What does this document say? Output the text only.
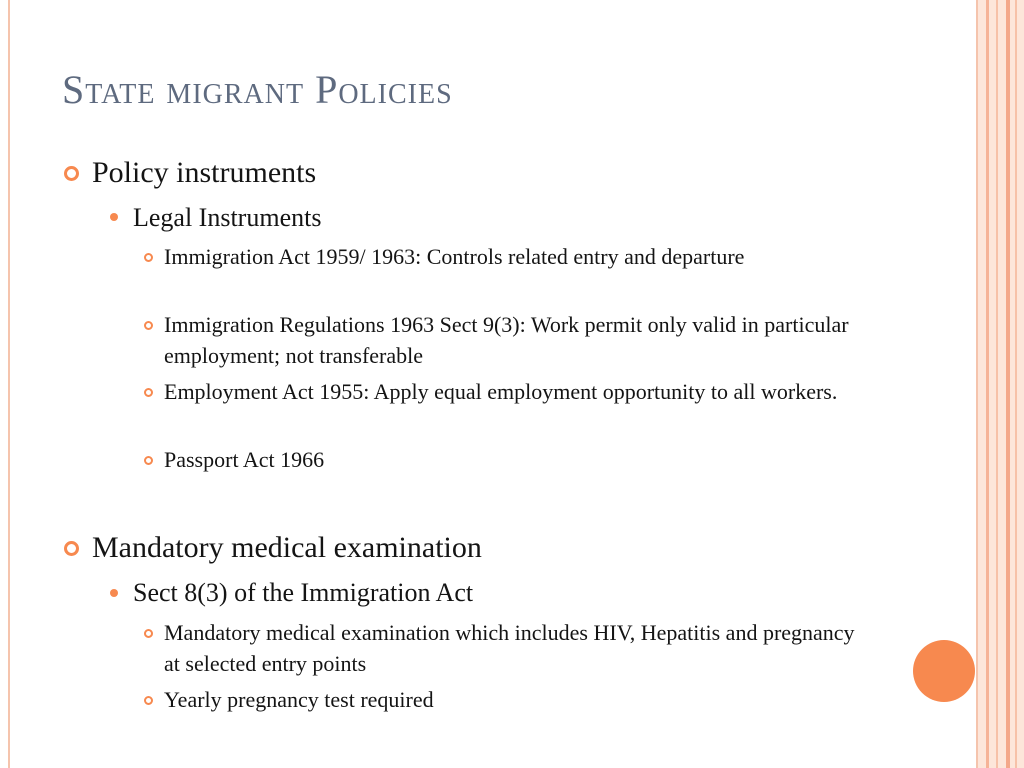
State migrant Policies
Policy instruments
Legal Instruments
Immigration Act 1959/ 1963: Controls related entry and departure
Immigration Regulations 1963 Sect 9(3): Work permit only valid in particular employment; not transferable
Employment Act 1955: Apply equal employment opportunity to all workers.
Passport Act 1966
Mandatory medical examination
Sect 8(3) of the Immigration Act
Mandatory medical examination which includes HIV, Hepatitis and pregnancy at selected entry points
Yearly pregnancy test required
